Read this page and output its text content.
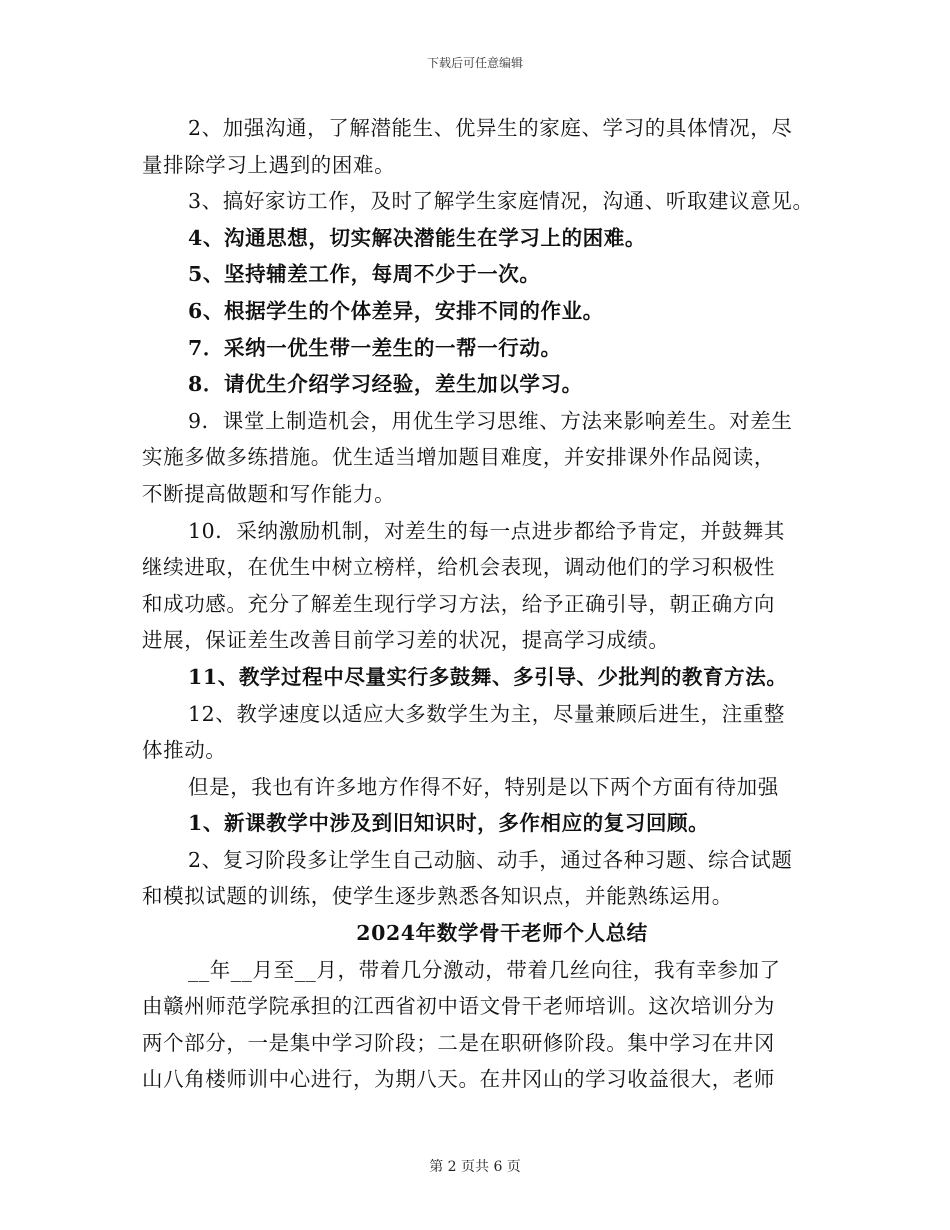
下载后可任意编辑
2、加强沟通，了解潜能生、优异生的家庭、学习的具体情况，尽
量排除学习上遇到的困难。
3、搞好家访工作，及时了解学生家庭情况，沟通、听取建议意见。
4、沟通思想，切实解决潜能生在学习上的困难。
5、坚持辅差工作，每周不少于一次。
6、根据学生的个体差异，安排不同的作业。
7．采纳一优生带一差生的一帮一行动。
8．请优生介绍学习经验，差生加以学习。
9．课堂上制造机会，用优生学习思维、方法来影响差生。对差生
实施多做多练措施。优生适当增加题目难度，并安排课外作品阅读，
不断提高做题和写作能力。
10．采纳激励机制，对差生的每一点进步都给予肯定，并鼓舞其
继续进取，在优生中树立榜样，给机会表现，调动他们的学习积极性
和成功感。充分了解差生现行学习方法，给予正确引导，朝正确方向
进展，保证差生改善目前学习差的状况，提高学习成绩。
11、教学过程中尽量实行多鼓舞、多引导、少批判的教育方法。
12、教学速度以适应大多数学生为主，尽量兼顾后进生，注重整
体推动。
但是，我也有许多地方作得不好，特别是以下两个方面有待加强
1、新课教学中涉及到旧知识时，多作相应的复习回顾。
2、复习阶段多让学生自己动脑、动手，通过各种习题、综合试题
和模拟试题的训练，使学生逐步熟悉各知识点，并能熟练运用。
2024年数学骨干老师个人总结
__年__月至__月，带着几分激动，带着几丝向往，我有幸参加了
由赣州师范学院承担的江西省初中语文骨干老师培训。这次培训分为
两个部分，一是集中学习阶段；二是在职研修阶段。集中学习在井冈
山八角楼师训中心进行，为期八天。在井冈山的学习收益很大，老师
第 2 页共 6 页
